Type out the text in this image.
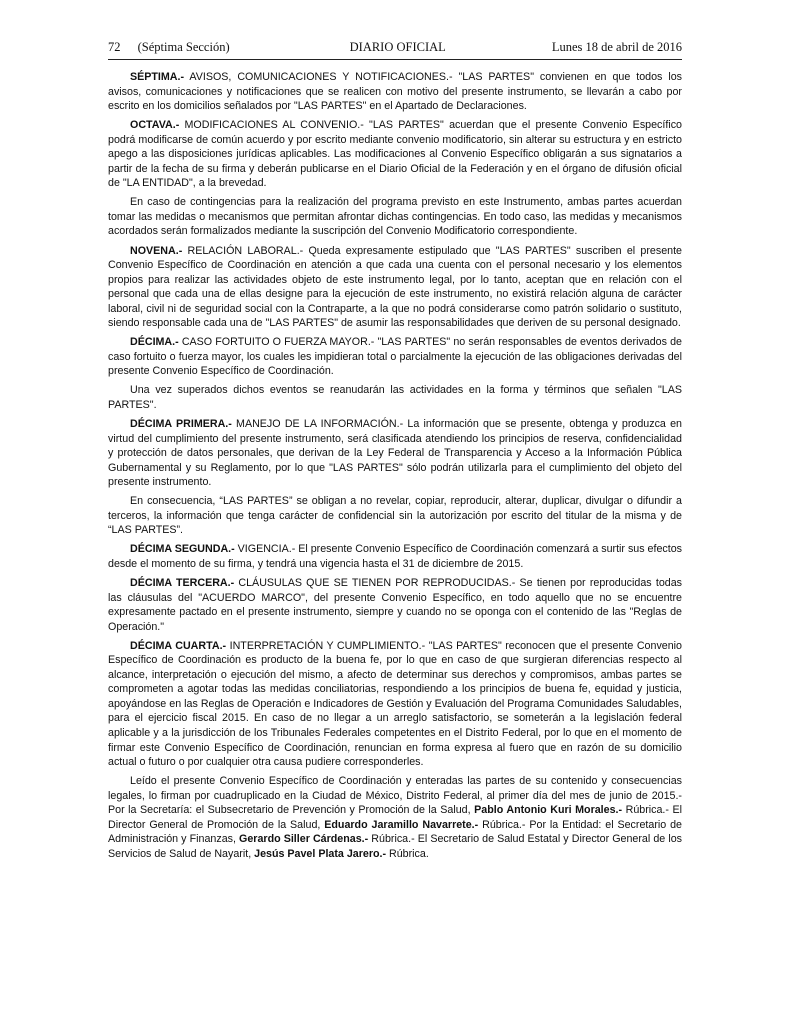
72 (Séptima Sección)	DIARIO OFICIAL	Lunes 18 de abril de 2016

SÉPTIMA.- AVISOS, COMUNICACIONES Y NOTIFICACIONES.- "LAS PARTES" convienen en que todos los avisos, comunicaciones y notificaciones que se realicen con motivo del presente instrumento, se llevarán a cabo por escrito en los domicilios señalados por "LAS PARTES" en el Apartado de Declaraciones.

OCTAVA.- MODIFICACIONES AL CONVENIO.- "LAS PARTES" acuerdan que el presente Convenio Específico podrá modificarse de común acuerdo y por escrito mediante convenio modificatorio, sin alterar su estructura y en estricto apego a las disposiciones jurídicas aplicables. Las modificaciones al Convenio Específico obligarán a sus signatarios a partir de la fecha de su firma y deberán publicarse en el Diario Oficial de la Federación y en el órgano de difusión oficial de "LA ENTIDAD", a la brevedad.

En caso de contingencias para la realización del programa previsto en este Instrumento, ambas partes acuerdan tomar las medidas o mecanismos que permitan afrontar dichas contingencias. En todo caso, las medidas y mecanismos acordados serán formalizados mediante la suscripción del Convenio Modificatorio correspondiente.

NOVENA.- RELACIÓN LABORAL.- Queda expresamente estipulado que "LAS PARTES" suscriben el presente Convenio Específico de Coordinación en atención a que cada una cuenta con el personal necesario y los elementos propios para realizar las actividades objeto de este instrumento legal, por lo tanto, aceptan que en relación con el personal que cada una de ellas designe para la ejecución de este instrumento, no existirá relación alguna de carácter laboral, civil ni de seguridad social con la Contraparte, a la que no podrá considerarse como patrón solidario o sustituto, siendo responsable cada una de "LAS PARTES" de asumir las responsabilidades que deriven de su personal designado.

DÉCIMA.- CASO FORTUITO O FUERZA MAYOR.- "LAS PARTES" no serán responsables de eventos derivados de caso fortuito o fuerza mayor, los cuales les impidieran total o parcialmente la ejecución de las obligaciones derivadas del presente Convenio Específico de Coordinación.

Una vez superados dichos eventos se reanudarán las actividades en la forma y términos que señalen "LAS PARTES".

DÉCIMA PRIMERA.- MANEJO DE LA INFORMACIÓN.- La información que se presente, obtenga y produzca en virtud del cumplimiento del presente instrumento, será clasificada atendiendo los principios de reserva, confidencialidad y protección de datos personales, que derivan de la Ley Federal de Transparencia y Acceso a la Información Pública Gubernamental y su Reglamento, por lo que "LAS PARTES" sólo podrán utilizarla para el cumplimiento del objeto del presente instrumento.

En consecuencia, “LAS PARTES” se obligan a no revelar, copiar, reproducir, alterar, duplicar, divulgar o difundir a terceros, la información que tenga carácter de confidencial sin la autorización por escrito del titular de la misma y de “LAS PARTES”.

DÉCIMA SEGUNDA.- VIGENCIA.- El presente Convenio Específico de Coordinación comenzará a surtir sus efectos desde el momento de su firma, y tendrá una vigencia hasta el 31 de diciembre de 2015.

DÉCIMA TERCERA.- CLÁUSULAS QUE SE TIENEN POR REPRODUCIDAS.- Se tienen por reproducidas todas las cláusulas del "ACUERDO MARCO", del presente Convenio Específico, en todo aquello que no se encuentre expresamente pactado en el presente instrumento, siempre y cuando no se oponga con el contenido de las "Reglas de Operación."

DÉCIMA CUARTA.- INTERPRETACIÓN Y CUMPLIMIENTO.- "LAS PARTES" reconocen que el presente Convenio Específico de Coordinación es producto de la buena fe, por lo que en caso de que surgieran diferencias respecto al alcance, interpretación o ejecución del mismo, a afecto de determinar sus derechos y compromisos, ambas partes se comprometen a agotar todas las medidas conciliatorias, respondiendo a los principios de buena fe, equidad y justicia, apoyándose en las Reglas de Operación e Indicadores de Gestión y Evaluación del Programa Comunidades Saludables, para el ejercicio fiscal 2015. En caso de no llegar a un arreglo satisfactorio, se someterán a la legislación federal aplicable y a la jurisdicción de los Tribunales Federales competentes en el Distrito Federal, por lo que en el momento de firmar este Convenio Específico de Coordinación, renuncian en forma expresa al fuero que en razón de su domicilio actual o futuro o por cualquier otra causa pudiere corresponderles.

Leído el presente Convenio Específico de Coordinación y enteradas las partes de su contenido y consecuencias legales, lo firman por cuadruplicado en la Ciudad de México, Distrito Federal, al primer día del mes de junio de 2015.- Por la Secretaría: el Subsecretario de Prevención y Promoción de la Salud, Pablo Antonio Kuri Morales.- Rúbrica.- El Director General de Promoción de la Salud, Eduardo Jaramillo Navarrete.- Rúbrica.- Por la Entidad: el Secretario de Administración y Finanzas, Gerardo Siller Cárdenas.- Rúbrica.- El Secretario de Salud Estatal y Director General de los Servicios de Salud de Nayarit, Jesús Pavel Plata Jarero.- Rúbrica.
